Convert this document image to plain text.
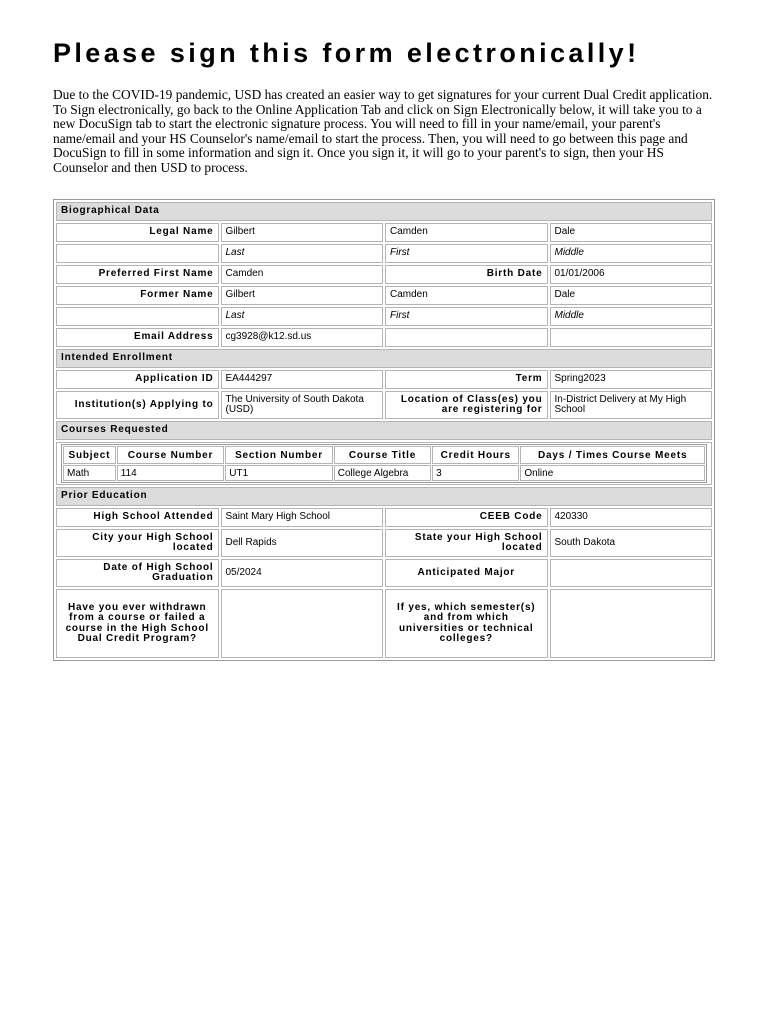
Please sign this form electronically!

Due to the COVID-19 pandemic, USD has created an easier way to get signatures for your current Dual Credit application. To Sign electronically, go back to the Online Application Tab and click on Sign Electronically below, it will take you to a new DocuSign tab to start the electronic signature process. You will need to fill in your name/email, your parent's name/email and your HS Counselor's name/email to start the process. Then, you will need to go between this page and DocuSign to fill in some information and sign it. Once you sign it, it will go to your parent's to sign, then your HS Counselor and then USD to process.

Biographical Data
Legal Name	Gilbert	Camden	Dale
	Last	First	Middle
Preferred First Name	Camden	Birth Date	01/01/2006
Former Name	Gilbert	Camden	Dale
	Last	First	Middle
Email Address	cg3928@k12.sd.us		
Intended Enrollment
Application ID	EA444297	Term	Spring2023
Institution(s) Applying to	The University of South Dakota (USD)	Location of Class(es) you are registering for	In-District Delivery at My High School
Courses Requested

Subject	Course Number	Section Number	Course Title	Credit Hours	Days / Times Course Meets
Math	114	UT1	College Algebra	3	Online

Prior Education
High School Attended	Saint Mary High School	CEEB Code	420330
City your High School located	Dell Rapids	State your High School located	South Dakota
Date of High School Graduation	05/2024	Anticipated Major	
Have you ever withdrawn from a course or failed a course in the High School Dual Credit Program?		If yes, which semester(s) and from which universities or technical colleges?	
